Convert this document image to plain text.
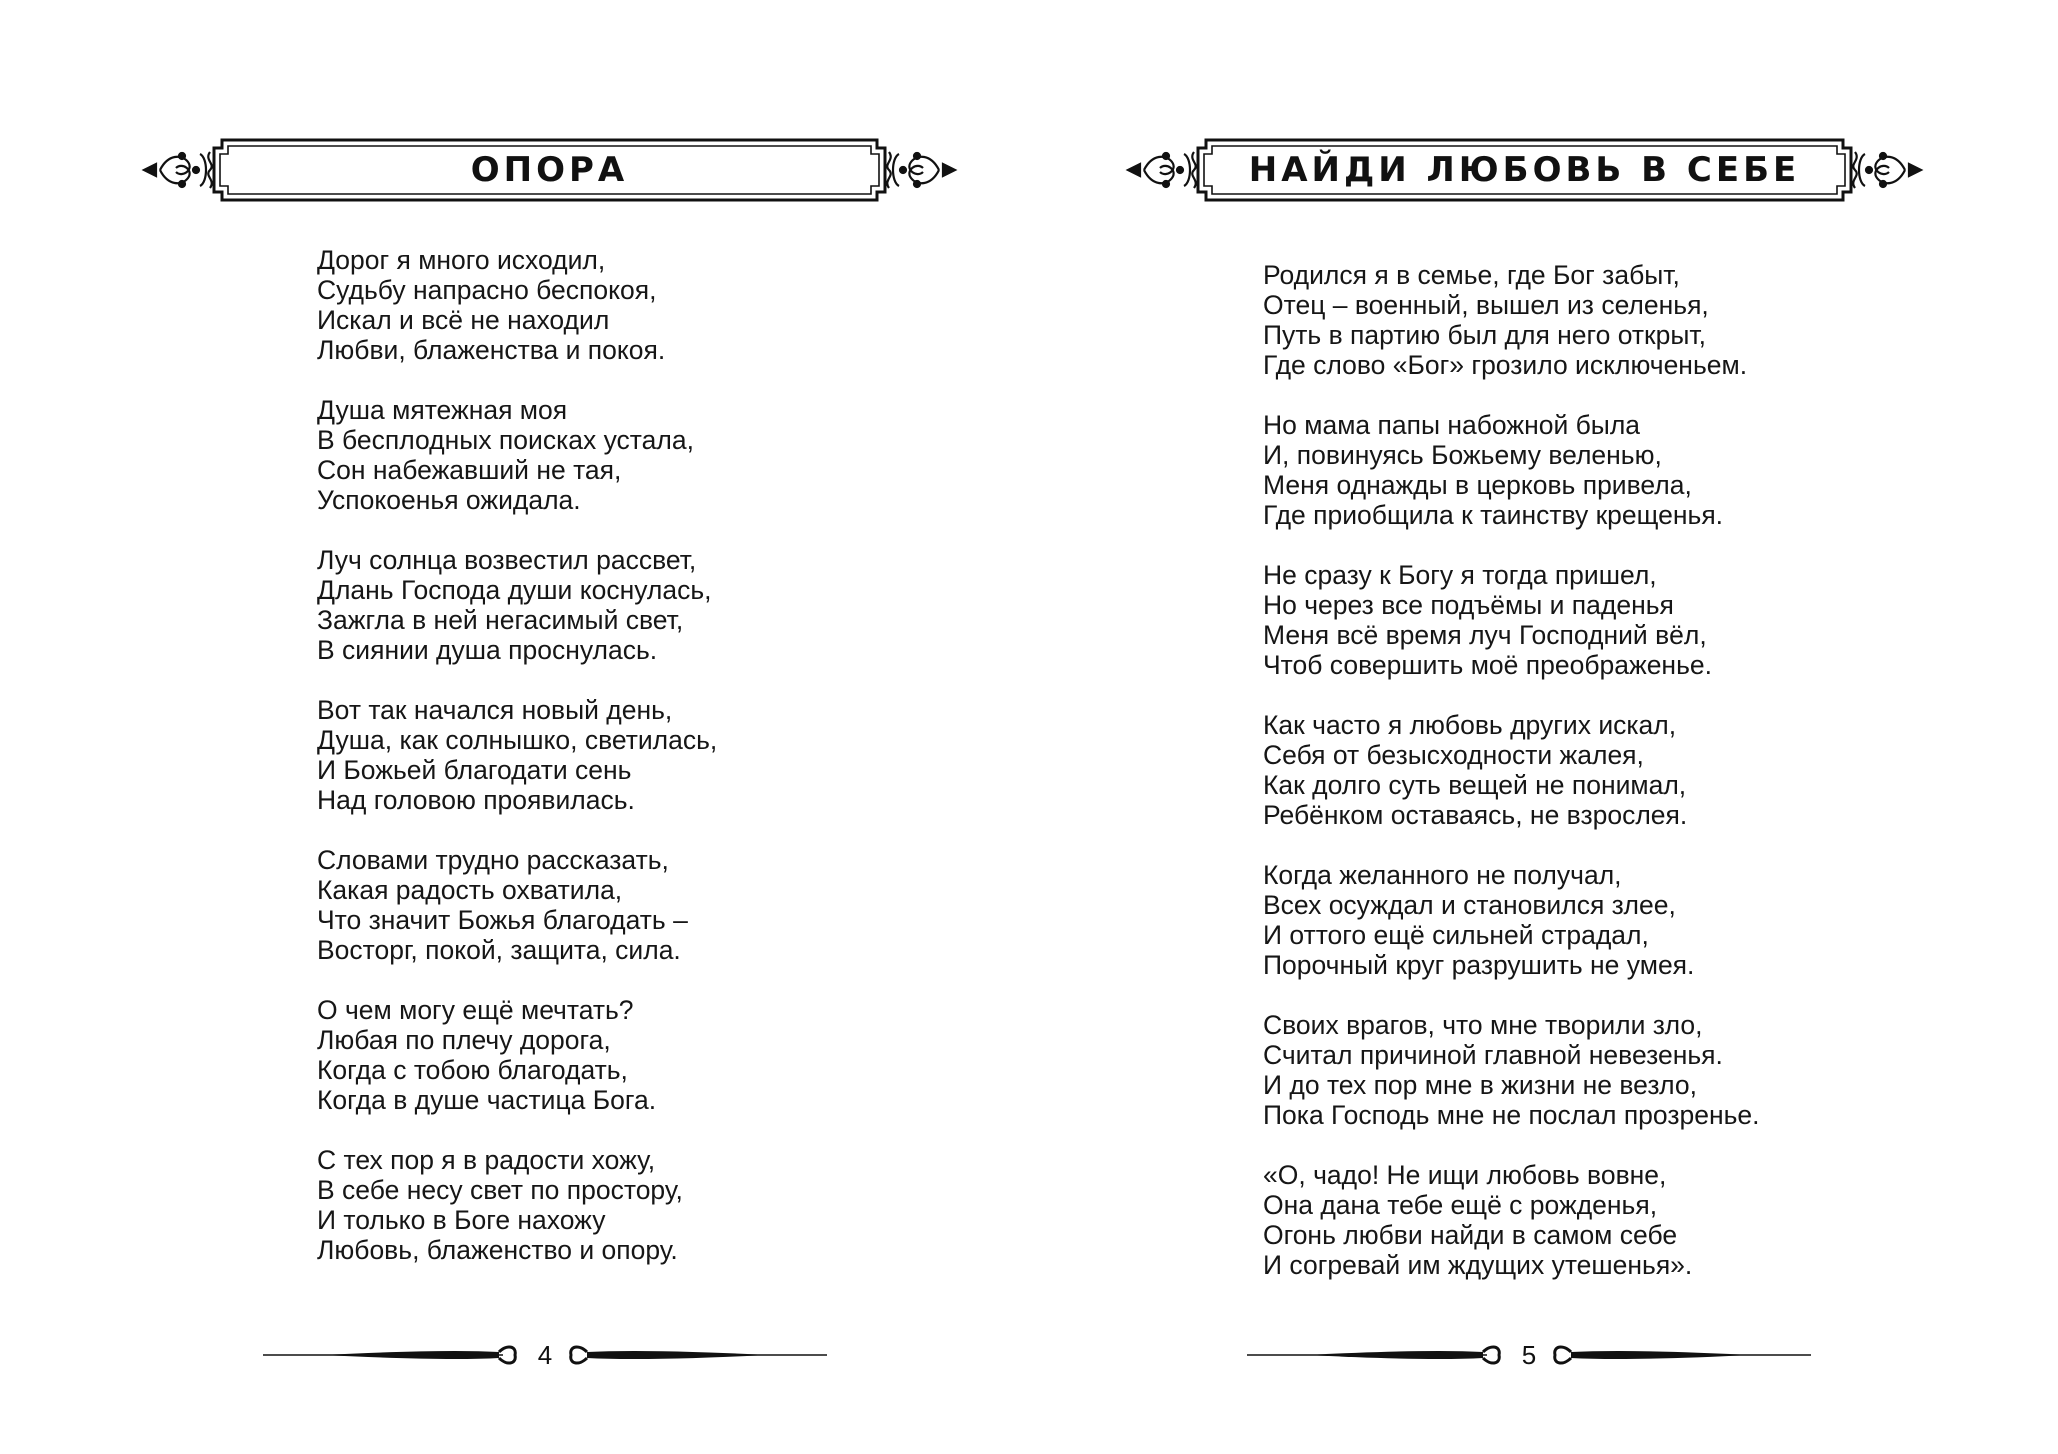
ОПОРА
Дорог я много исходил,
Судьбу напрасно беспокоя,
Искал и всё не находил
Любви, блаженства и покоя.
Душа мятежная моя
В бесплодных поисках устала,
Сон набежавший не тая,
Успокоенья ожидала.
Луч солнца возвестил рассвет,
Длань Господа души коснулась,
Зажгла в ней негасимый свет,
В сиянии душа проснулась.
Вот так начался новый день,
Душа, как солнышко, светилась,
И Божьей благодати сень
Над головою проявилась.
Словами трудно рассказать,
Какая радость охватила,
Что значит Божья благодать –
Восторг, покой, защита, сила.
О чем могу ещё мечтать?
Любая по плечу дорога,
Когда с тобою благодать,
Когда в душе частица Бога.
С тех пор я в радости хожу,
В себе несу свет по простору,
И только в Боге нахожу
Любовь, блаженство и опору.
4
НАЙДИ ЛЮБОВЬ В СЕБЕ
Родился я в семье, где Бог забыт,
Отец – военный, вышел из селенья,
Путь в партию был для него открыт,
Где слово «Бог» грозило исключеньем.
Но мама папы набожной была
И, повинуясь Божьему веленью,
Меня однажды в церковь привела,
Где приобщила к таинству крещенья.
Не сразу к Богу я тогда пришел,
Но через все подъёмы и паденья
Меня всё время луч Господний вёл,
Чтоб совершить моё преображенье.
Как часто я любовь других искал,
Себя от безысходности жалея,
Как долго суть вещей не понимал,
Ребёнком оставаясь, не взрослея.
Когда желанного не получал,
Всех осуждал и становился злее,
И оттого ещё сильней страдал,
Порочный круг разрушить не умея.
Своих врагов, что мне творили зло,
Считал причиной главной невезенья.
И до тех пор мне в жизни не везло,
Пока Господь мне не послал прозренье.
«О, чадо! Не ищи любовь вовне,
Она дана тебе ещё с рожденья,
Огонь любви найди в самом себе
И согревай им ждущих утешенья».
5
